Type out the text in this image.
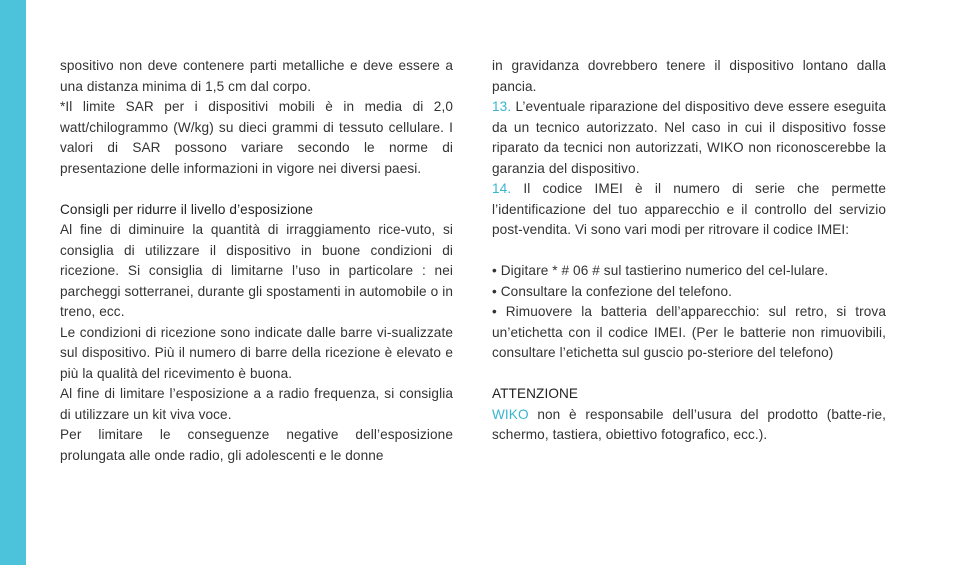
spositivo non deve contenere parti metalliche e deve essere a una distanza minima di 1,5 cm dal corpo.

*Il limite SAR per i dispositivi mobili è in media di 2,0 watt/chilogrammo (W/kg) su dieci grammi di tessuto cellulare. I valori di SAR possono variare secondo le norme di presentazione delle informazioni in vigore nei diversi paesi.

Consigli per ridurre il livello d’esposizione

Al fine di diminuire la quantità di irraggiamento rice-vuto, si consiglia di utilizzare il dispositivo in buone condizioni di ricezione. Si consiglia di limitarne l’uso in particolare : nei parcheggi sotterranei, durante gli spostamenti in automobile o in treno, ecc.

Le condizioni di ricezione sono indicate dalle barre vi-sualizzate sul dispositivo. Più il numero di barre della ricezione è elevato e più la qualità del ricevimento è buona.

Al fine di limitare l’esposizione a a radio frequenza, si consiglia di utilizzare un kit viva voce.

Per limitare le conseguenze negative dell’esposizione prolungata alle onde radio, gli adolescenti e le donne

in gravidanza dovrebbero tenere il dispositivo lontano dalla pancia.

13. L’eventuale riparazione del dispositivo deve essere eseguita da un tecnico autorizzato. Nel caso in cui il dispositivo fosse riparato da tecnici non autorizzati, WIKO non riconoscerebbe la garanzia del dispositivo.

14. Il codice IMEI è il numero di serie che permette l’identificazione del tuo apparecchio e il controllo del servizio post-vendita. Vi sono vari modi per ritrovare il codice IMEI:

• Digitare * # 06 # sul tastierino numerico del cel-lulare.

• Consultare la confezione del telefono.

• Rimuovere la batteria dell’apparecchio: sul retro, si trova un’etichetta con il codice IMEI. (Per le batterie non rimuovibili, consultare l’etichetta sul guscio po-steriore del telefono)

ATTENZIONE

WIKO non è responsabile dell’usura del prodotto (batte-rie, schermo, tastiera, obiettivo fotografico, ecc.).
